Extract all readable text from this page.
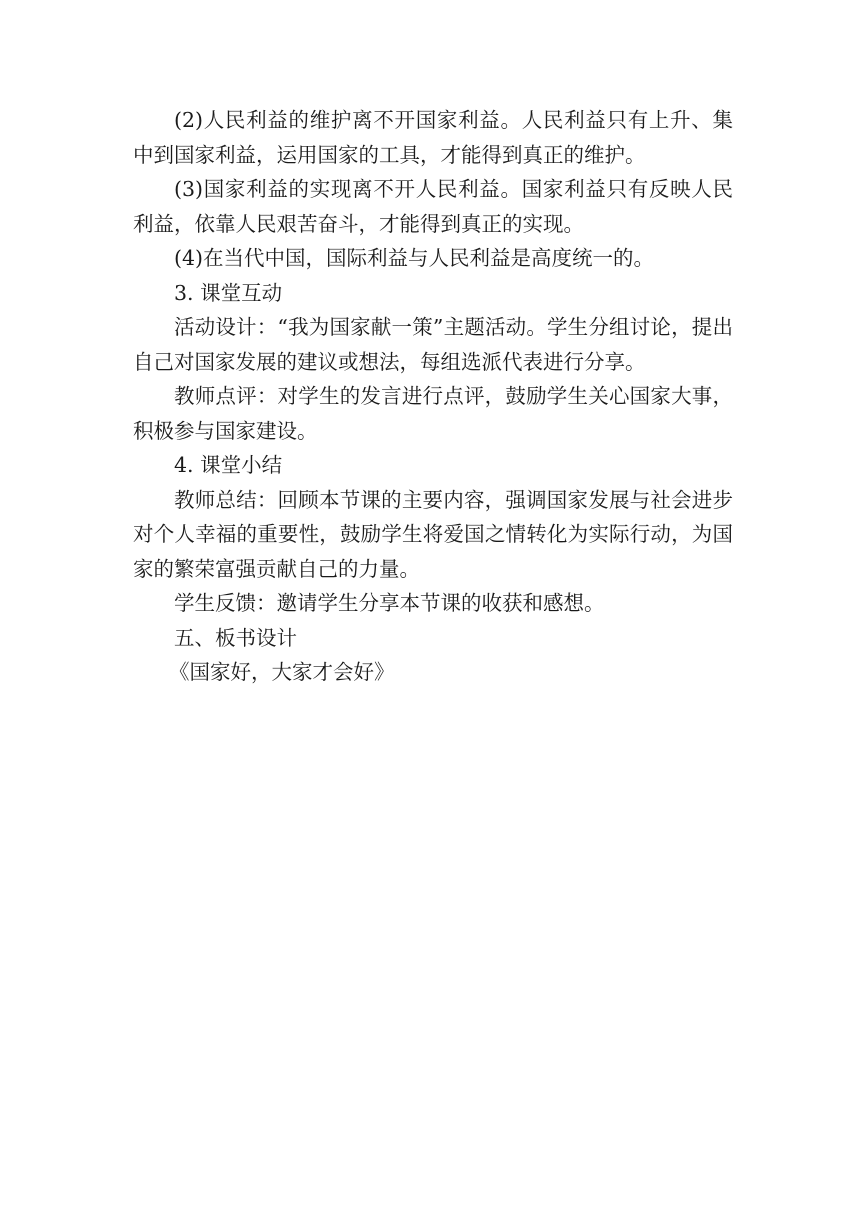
(2)人民利益的维护离不开国家利益。人民利益只有上升、集中到国家利益，运用国家的工具，才能得到真正的维护。

(3)国家利益的实现离不开人民利益。国家利益只有反映人民利益，依靠人民艰苦奋斗，才能得到真正的实现。

(4)在当代中国，国际利益与人民利益是高度统一的。

3. 课堂互动

活动设计：“我为国家献一策”主题活动。学生分组讨论，提出自己对国家发展的建议或想法，每组选派代表进行分享。

教师点评：对学生的发言进行点评，鼓励学生关心国家大事，积极参与国家建设。

4. 课堂小结

教师总结：回顾本节课的主要内容，强调国家发展与社会进步对个人幸福的重要性，鼓励学生将爱国之情转化为实际行动，为国家的繁荣富强贡献自己的力量。

学生反馈：邀请学生分享本节课的收获和感想。

五、板书设计

《国家好，大家才会好》
